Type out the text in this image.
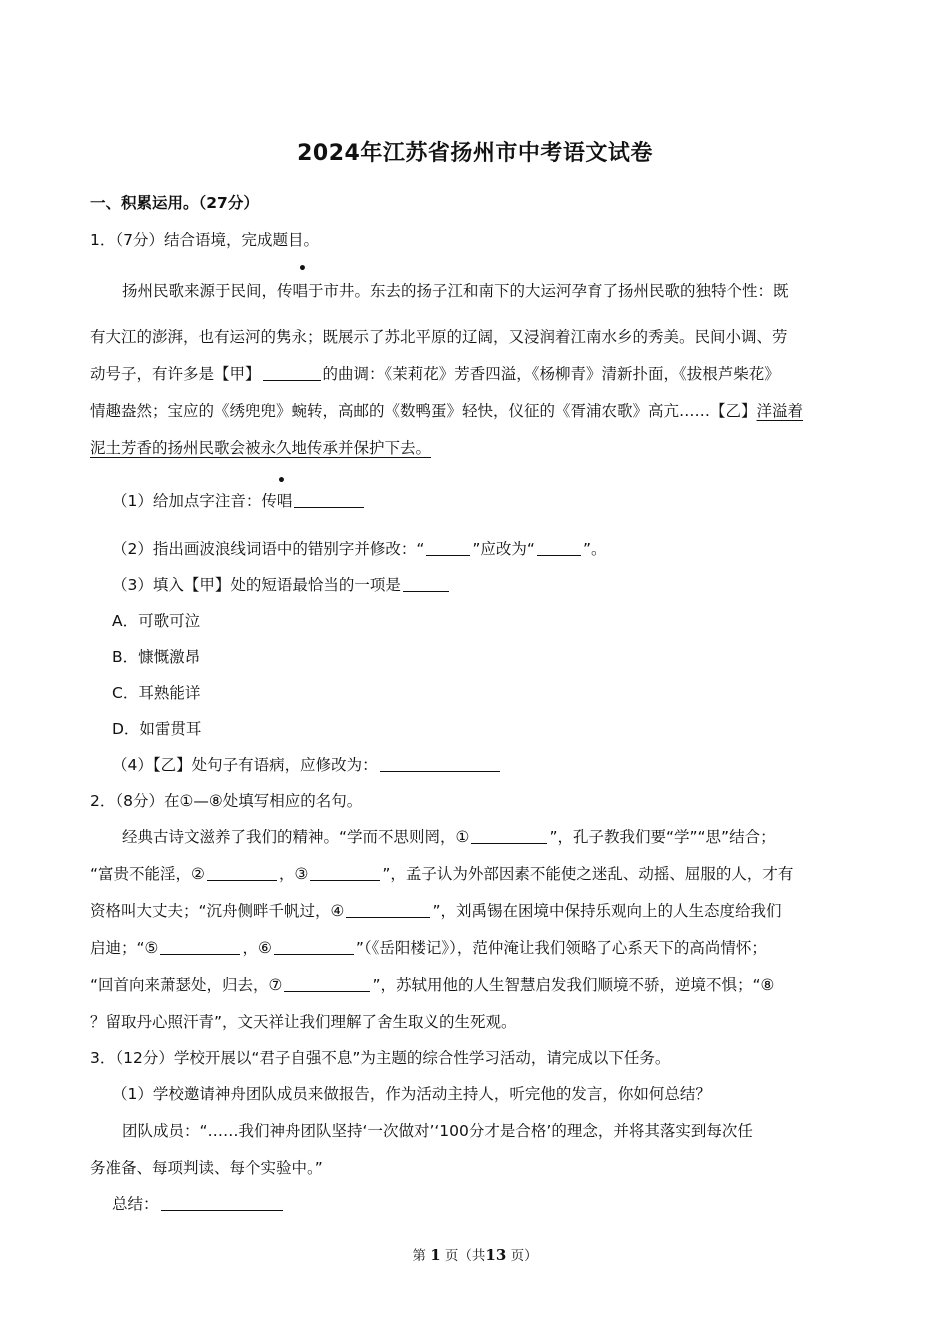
2024年江苏省扬州市中考语文试卷
一、积累运用。（27分）
1．（7分）结合语境，完成题目。
•
扬州民歌来源于民间，传唱于市井。东去的扬子江和南下的大运河孕育了扬州民歌的独特个性：既
有大江的澎湃，也有运河的隽永；既展示了苏北平原的辽阔，又浸润着江南水乡的秀美。民间小调、劳
动号子，有许多是【甲】	的曲调：《茉莉花》芳香四溢，《杨柳青》清新扑面，《拔根芦柴花》
情趣盎然；宝应的《绣兜兜》蜿转，高邮的《数鸭蛋》轻快，仪征的《胥浦农歌》高亢……【乙】洋溢着
泥土芳香的扬州民歌会被永久地传承并保护下去。
•
（1）给加点字注音：传唱
（2）指出画波浪线词语中的错别字并修改：“	”应改为“	”。
（3）填入【甲】处的短语最恰当的一项是
A．可歌可泣
B．慷慨激昂
C．耳熟能详
D．如雷贯耳
（4）【乙】处句子有语病，应修改为：
2．（8分）在①—⑧处填写相应的名句。
经典古诗文滋养了我们的精神。“学而不思则罔，①	”，孔子教我们要“学”“思”结合；
“富贵不能淫，②	，③	”，孟子认为外部因素不能使之迷乱、动摇、屈服的人，才有
资格叫大丈夫；“沉舟侧畔千帆过，④	”，刘禹锡在困境中保持乐观向上的人生态度给我们
启迪；“⑤	，⑥	”（《岳阳楼记》），范仲淹让我们领略了心系天下的高尚情怀；
“回首向来萧瑟处，归去，⑦	”，苏轼用他的人生智慧启发我们顺境不骄，逆境不惧；“⑧
？留取丹心照汗青”，文天祥让我们理解了舍生取义的生死观。
3．（12分）学校开展以“君子自强不息”为主题的综合性学习活动，请完成以下任务。
（1）学校邀请神舟团队成员来做报告，作为活动主持人，听完他的发言，你如何总结？
团队成员：“……我们神舟团队坚持‘一次做对’‘100分才是合格’的理念，并将其落实到每次任
务准备、每项判读、每个实验中。”
总结：
第 1 页（共13 页）
